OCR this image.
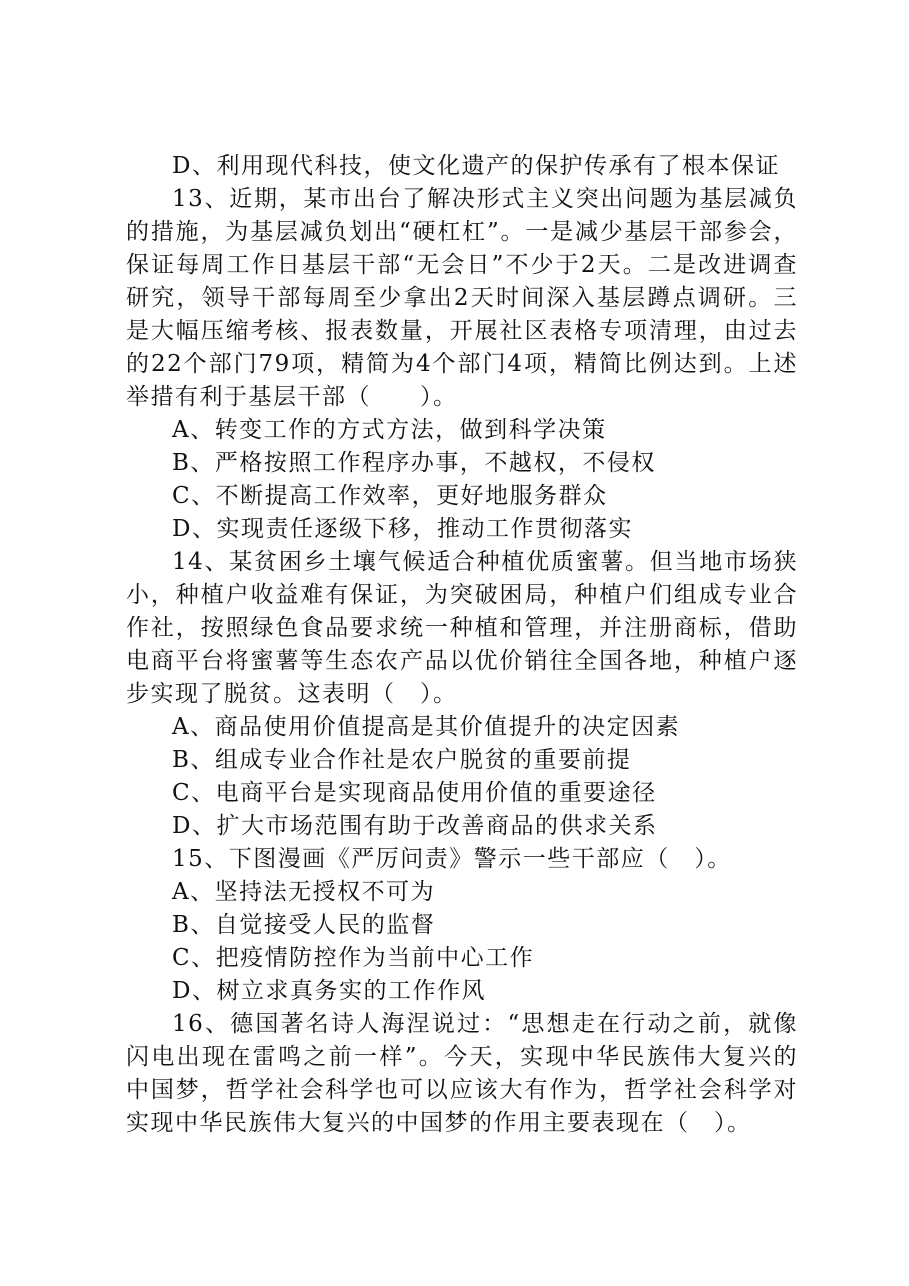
D、利用现代科技，使文化遗产的保护传承有了根本保证

13、近期，某市出台了解决形式主义突出问题为基层减负的措施，为基层减负划出“硬杠杠”。一是减少基层干部参会，保证每周工作日基层干部“无会日”不少于2天。二是改进调查研究，领导干部每周至少拿出2天时间深入基层蹲点调研。三是大幅压缩考核、报表数量，开展社区表格专项清理，由过去的22个部门79项，精简为4个部门4项，精简比例达到。上述举措有利于基层干部（　　）。

A、转变工作的方式方法，做到科学决策

B、严格按照工作程序办事，不越权，不侵权

C、不断提高工作效率，更好地服务群众

D、实现责任逐级下移，推动工作贯彻落实

14、某贫困乡土壤气候适合种植优质蜜薯。但当地市场狭小，种植户收益难有保证，为突破困局，种植户们组成专业合作社，按照绿色食品要求统一种植和管理，并注册商标，借助电商平台将蜜薯等生态农产品以优价销往全国各地，种植户逐步实现了脱贫。这表明（　）。

A、商品使用价值提高是其价值提升的决定因素

B、组成专业合作社是农户脱贫的重要前提

C、电商平台是实现商品使用价值的重要途径

D、扩大市场范围有助于改善商品的供求关系

15、下图漫画《严厉问责》警示一些干部应（　）。

A、坚持法无授权不可为

B、自觉接受人民的监督

C、把疫情防控作为当前中心工作

D、树立求真务实的工作作风

16、德国著名诗人海涅说过：“思想走在行动之前，就像闪电出现在雷鸣之前一样”。今天，实现中华民族伟大复兴的中国梦，哲学社会科学也可以应该大有作为，哲学社会科学对实现中华民族伟大复兴的中国梦的作用主要表现在（　）。
